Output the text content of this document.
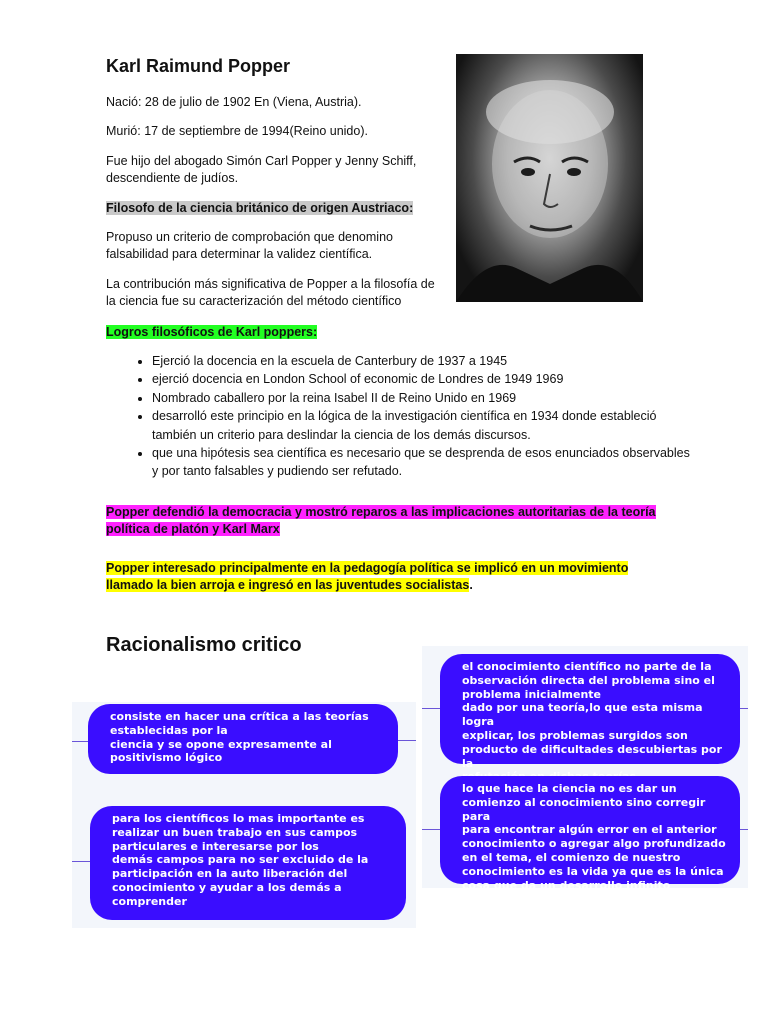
Karl Raimund Popper

Nació: 28 de julio de 1902 En (Viena, Austria).

Murió: 17 de septiembre de 1994(Reino unido).

Fue hijo del abogado Simón Carl Popper y Jenny Schiff, descendiente de judíos.

Filosofo de la ciencia británico de origen Austriaco:

Propuso un criterio de comprobación que denomino falsabilidad para determinar la validez científica.

La contribución más significativa de Popper a la filosofía de la ciencia fue su caracterización del método científico

Logros filosóficos de Karl poppers:

• Ejerció la docencia en la escuela de Canterbury de 1937 a 1945
• ejerció docencia en London School of economic de Londres de 1949 1969
• Nombrado caballero por la reina Isabel II de Reino Unido en 1969
• desarrolló este principio en la lógica de la investigación científica en 1934 donde estableció también un criterio para deslindar la ciencia de los demás discursos.
• que una hipótesis sea científica es necesario que se desprenda de esos enunciados observables y por tanto falsables y pudiendo ser refutado.

Popper defendió la democracia y mostró reparos a las implicaciones autoritarias de la teoría política de platón y Karl Marx

Popper interesado principalmente en la pedagogía política se implicó en un movimiento llamado la bien arroja e ingresó en las juventudes socialistas.

Racionalismo critico
consiste en hacer una crítica a las teorías
establecidas por la
ciencia y se opone expresamente al
positivismo lógico
para los científicos lo mas importante es
realizar un buen trabajo en sus campos
particulares e interesarse por los
demás campos para no ser excluido de la
participación en la auto liberación del
conocimiento y ayudar a los demás a
comprender
el conocimiento científico no parte de la
observación directa del problema sino el
problema inicialmente
dado por una teoría,lo que esta misma logra
explicar, los problemas surgidos son
producto de dificultades descubiertas por la

lo que hace la ciencia no es dar un
comienzo al conocimiento sino corregir para
para encontrar algún error en el anterior
conocimiento o agregar algo profundizado
en el tema, el comienzo de nuestro
conocimiento es la vida ya que es la única
cosa que da un desarrollo infinito
